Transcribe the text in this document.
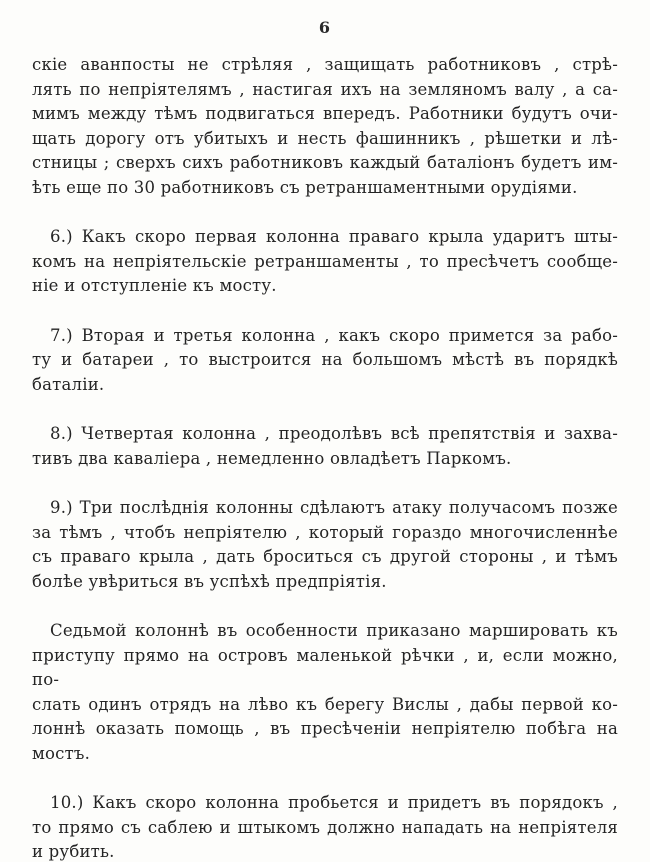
6
скіе аванпосты не стрѣляя , защищать работниковъ , стрѣ-
лять по непріятелямъ , настигая ихъ на земляномъ валу , а са-
мимъ между тѣмъ подвигаться впередъ. Работники будутъ очи-
щать дорогу отъ убитыхъ и несть фашинникъ , рѣшетки и лѣ-
стницы ; сверхъ сихъ работниковъ каждый баталіонъ будетъ им-
ѣть еще по 30 работниковъ съ ретраншаментными орудіями.
6.) Какъ скоро первая колонна праваго крыла ударитъ шты-
комъ на непріятельскіе ретраншаменты , то пресѣчетъ сообще-
ніе и отступленіе къ мосту.
7.) Вторая и третья колонна , какъ скоро примется за рабо-
ту и батареи , то выстроится на большомъ мѣстѣ въ порядкѣ
баталіи.
8.) Четвертая колонна , преодолѣвъ всѣ препятствія и захва-
тивъ два каваліера , немедленно овладѣетъ Паркомъ.
9.) Три послѣднія колонны сдѣлаютъ атаку получасомъ позже
за тѣмъ , чтобъ непріятелю , который гораздо многочисленнѣе
съ праваго крыла , дать броситься съ другой стороны , и тѣмъ
болѣе увѣриться въ успѣхѣ предпріятія.
Седьмой колоннѣ въ особенности приказано маршировать къ
приступу прямо на островъ маленькой рѣчки , и, если можно, по-
слать одинъ отрядъ на лѣво къ берегу Вислы , дабы первой ко-
лоннѣ оказать помощь , въ пресѣченіи непріятелю побѣга на
мостъ.
10.) Какъ скоро колонна пробьется и придетъ въ порядокъ ,
то прямо съ саблею и штыкомъ должно нападать на непріятеля
и рубить.
